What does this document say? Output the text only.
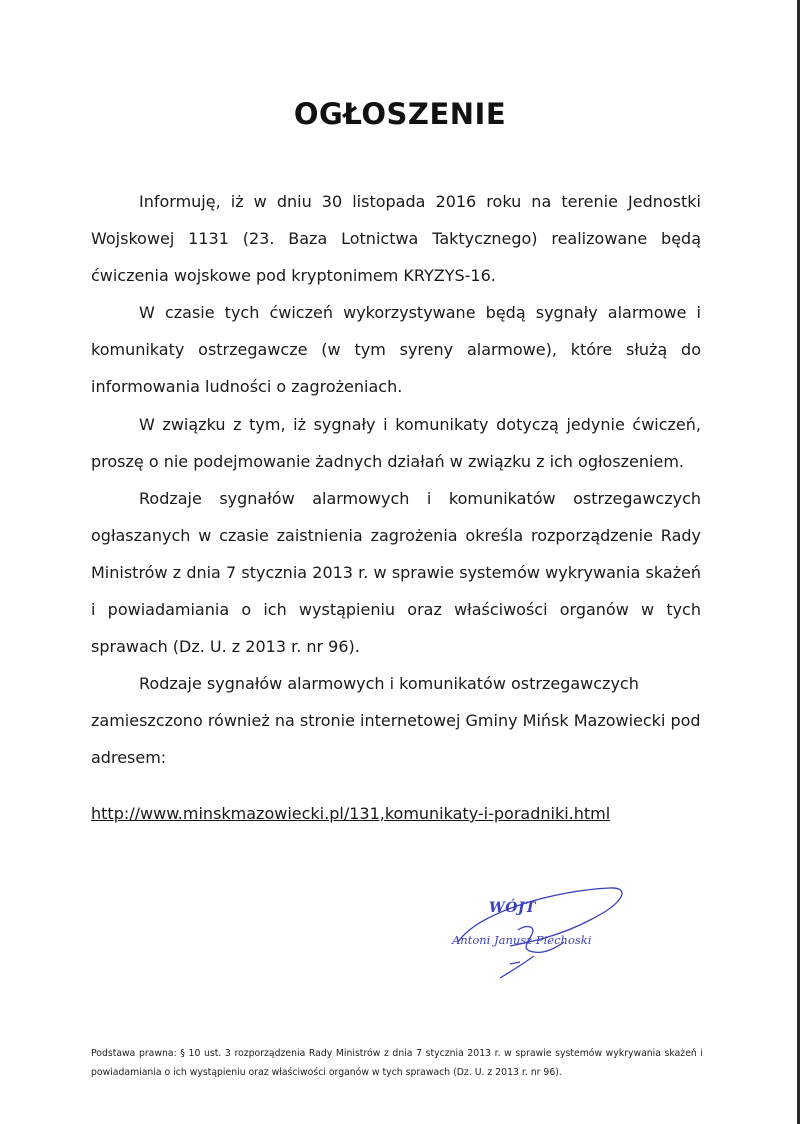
OGŁOSZENIE

Informuję, iż w dniu 30 listopada 2016 roku na terenie Jednostki Wojskowej 1131 (23. Baza Lotnictwa Taktycznego) realizowane będą ćwiczenia wojskowe pod kryptonimem KRYZYS-16.

W czasie tych ćwiczeń wykorzystywane będą sygnały alarmowe i komunikaty ostrzegawcze (w tym syreny alarmowe), które służą do informowania ludności o zagrożeniach.

W związku z tym, iż sygnały i komunikaty dotyczą jedynie ćwiczeń, proszę o nie podejmowanie żadnych działań w związku z ich ogłoszeniem.

Rodzaje sygnałów alarmowych i komunikatów ostrzegawczych ogłaszanych w czasie zaistnienia zagrożenia określa rozporządzenie Rady Ministrów z dnia 7 stycznia 2013 r. w sprawie systemów wykrywania skażeń i powiadamiania o ich wystąpieniu oraz właściwości organów w tych sprawach (Dz. U. z 2013 r. nr 96).

Rodzaje sygnałów alarmowych i komunikatów ostrzegawczych zamieszczono również na stronie internetowej Gminy Mińsk Mazowiecki pod adresem:

http://www.minskmazowiecki.pl/131,komunikaty-i-poradniki.html
WÓJT
Antoni Janusz Piechoski
Podstawa prawna: § 10 ust. 3 rozporządzenia Rady Ministrów z dnia 7 stycznia 2013 r. w sprawie systemów wykrywania skażeń i powiadamiania o ich wystąpieniu oraz właściwości organów w tych sprawach (Dz. U. z 2013 r. nr 96).
